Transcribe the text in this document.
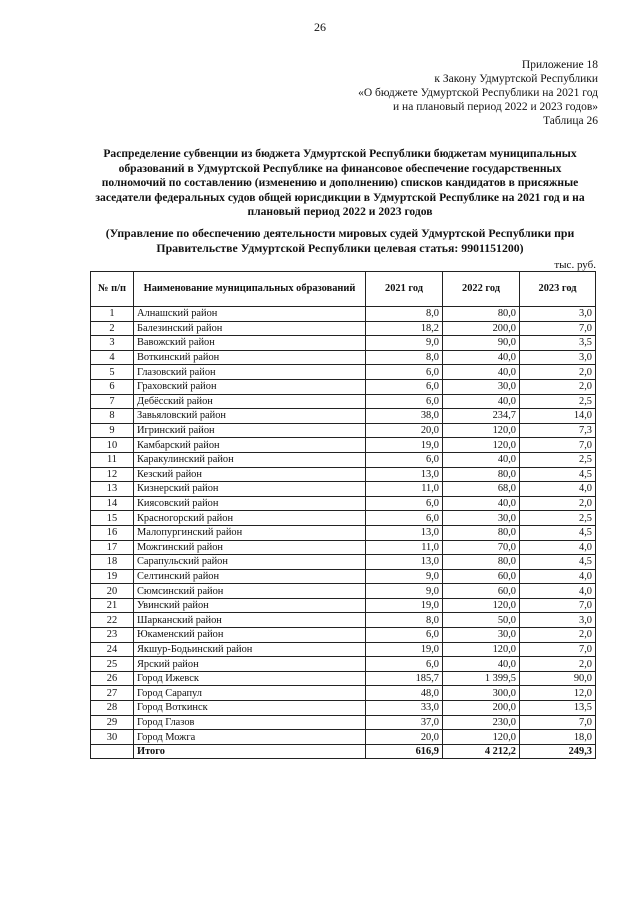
26
Приложение 18
к Закону Удмуртской Республики
«О бюджете Удмуртской Республики на 2021 год
и на плановый период 2022 и 2023 годов»
Таблица 26
Распределение субвенции из бюджета Удмуртской Республики бюджетам муниципальных образований в Удмуртской Республике на финансовое обеспечение государственных полномочий по составлению (изменению и дополнению) списков кандидатов в присяжные заседатели федеральных судов общей юрисдикции в Удмуртской Республике на 2021 год и на плановый период 2022 и 2023 годов
(Управление по обеспечению деятельности мировых судей Удмуртской Республики при Правительстве Удмуртской Республики целевая статья: 9901151200)
тыс. руб.
№ п/п	Наименование муниципальных образований	2021 год	2022 год	2023 год
1	Алнашский район	8,0	80,0	3,0
2	Балезинский район	18,2	200,0	7,0
3	Вавожский район	9,0	90,0	3,5
4	Воткинский район	8,0	40,0	3,0
5	Глазовский район	6,0	40,0	2,0
6	Граховский район	6,0	30,0	2,0
7	Дебёсский район	6,0	40,0	2,5
8	Завьяловский район	38,0	234,7	14,0
9	Игринский район	20,0	120,0	7,3
10	Камбарский район	19,0	120,0	7,0
11	Каракулинский район	6,0	40,0	2,5
12	Кезский район	13,0	80,0	4,5
13	Кизнерский район	11,0	68,0	4,0
14	Киясовский район	6,0	40,0	2,0
15	Красногорский район	6,0	30,0	2,5
16	Малопургинский район	13,0	80,0	4,5
17	Можгинский район	11,0	70,0	4,0
18	Сарапульский район	13,0	80,0	4,5
19	Селтинский район	9,0	60,0	4,0
20	Сюмсинский район	9,0	60,0	4,0
21	Увинский район	19,0	120,0	7,0
22	Шарканский район	8,0	50,0	3,0
23	Юкаменский район	6,0	30,0	2,0
24	Якшур-Бодьинский район	19,0	120,0	7,0
25	Ярский район	6,0	40,0	2,0
26	Город Ижевск	185,7	1 399,5	90,0
27	Город Сарапул	48,0	300,0	12,0
28	Город Воткинск	33,0	200,0	13,5
29	Город Глазов	37,0	230,0	7,0
30	Город Можга	20,0	120,0	18,0
	Итого	616,9	4 212,2	249,3
